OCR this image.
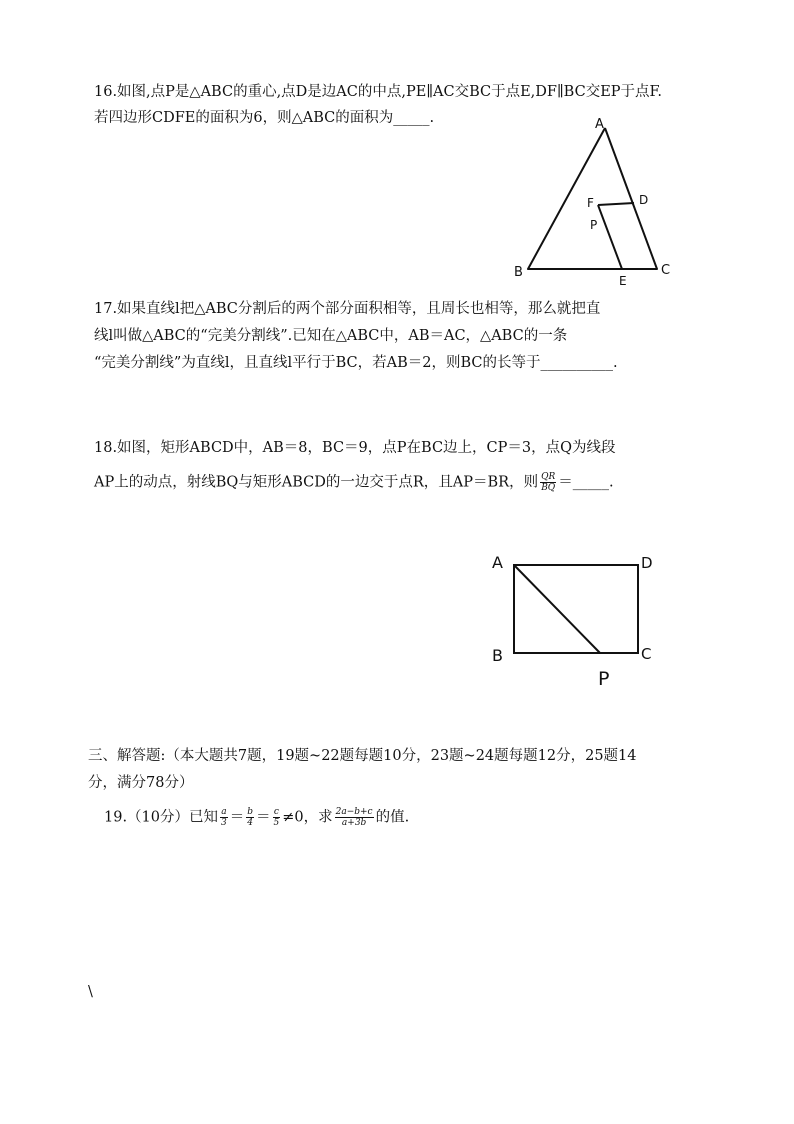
16.如图,点P是△ABC的重心,点D是边AC的中点,PE∥AC交BC于点E,DF∥BC交EP于点F.
若四边形CDFE的面积为6，则△ABC的面积为_____.	A
B	C
D
E
F
P
17.如果直线l把△ABC分割后的两个部分面积相等，且周长也相等，那么就把直
线l叫做△ABC的“完美分割线”.已知在△ABC中，AB＝AC，△ABC的一条
“完美分割线”为直线l，且直线l平行于BC，若AB＝2，则BC的长等于__________.
18.如图，矩形ABCD中，AB＝8，BC＝9，点P在BC边上，CP＝3，点Q为线段
AP上的动点，射线BQ与矩形ABCD的一边交于点R，且AP＝BR，则 $\frac{QR}{BQ}$ ＝_____.
A	D
B	C
P
三、解答题:（本大题共7题，19题~22题每题10分，23题~24题每题12分，25题14
分，满分78分）
19.（10分）已知 $\frac{a}{3} = \frac{b}{4} = \frac{c}{5} \ne 0$，求 $\frac{2a-b+c}{a+3b}$ 的值.
\
